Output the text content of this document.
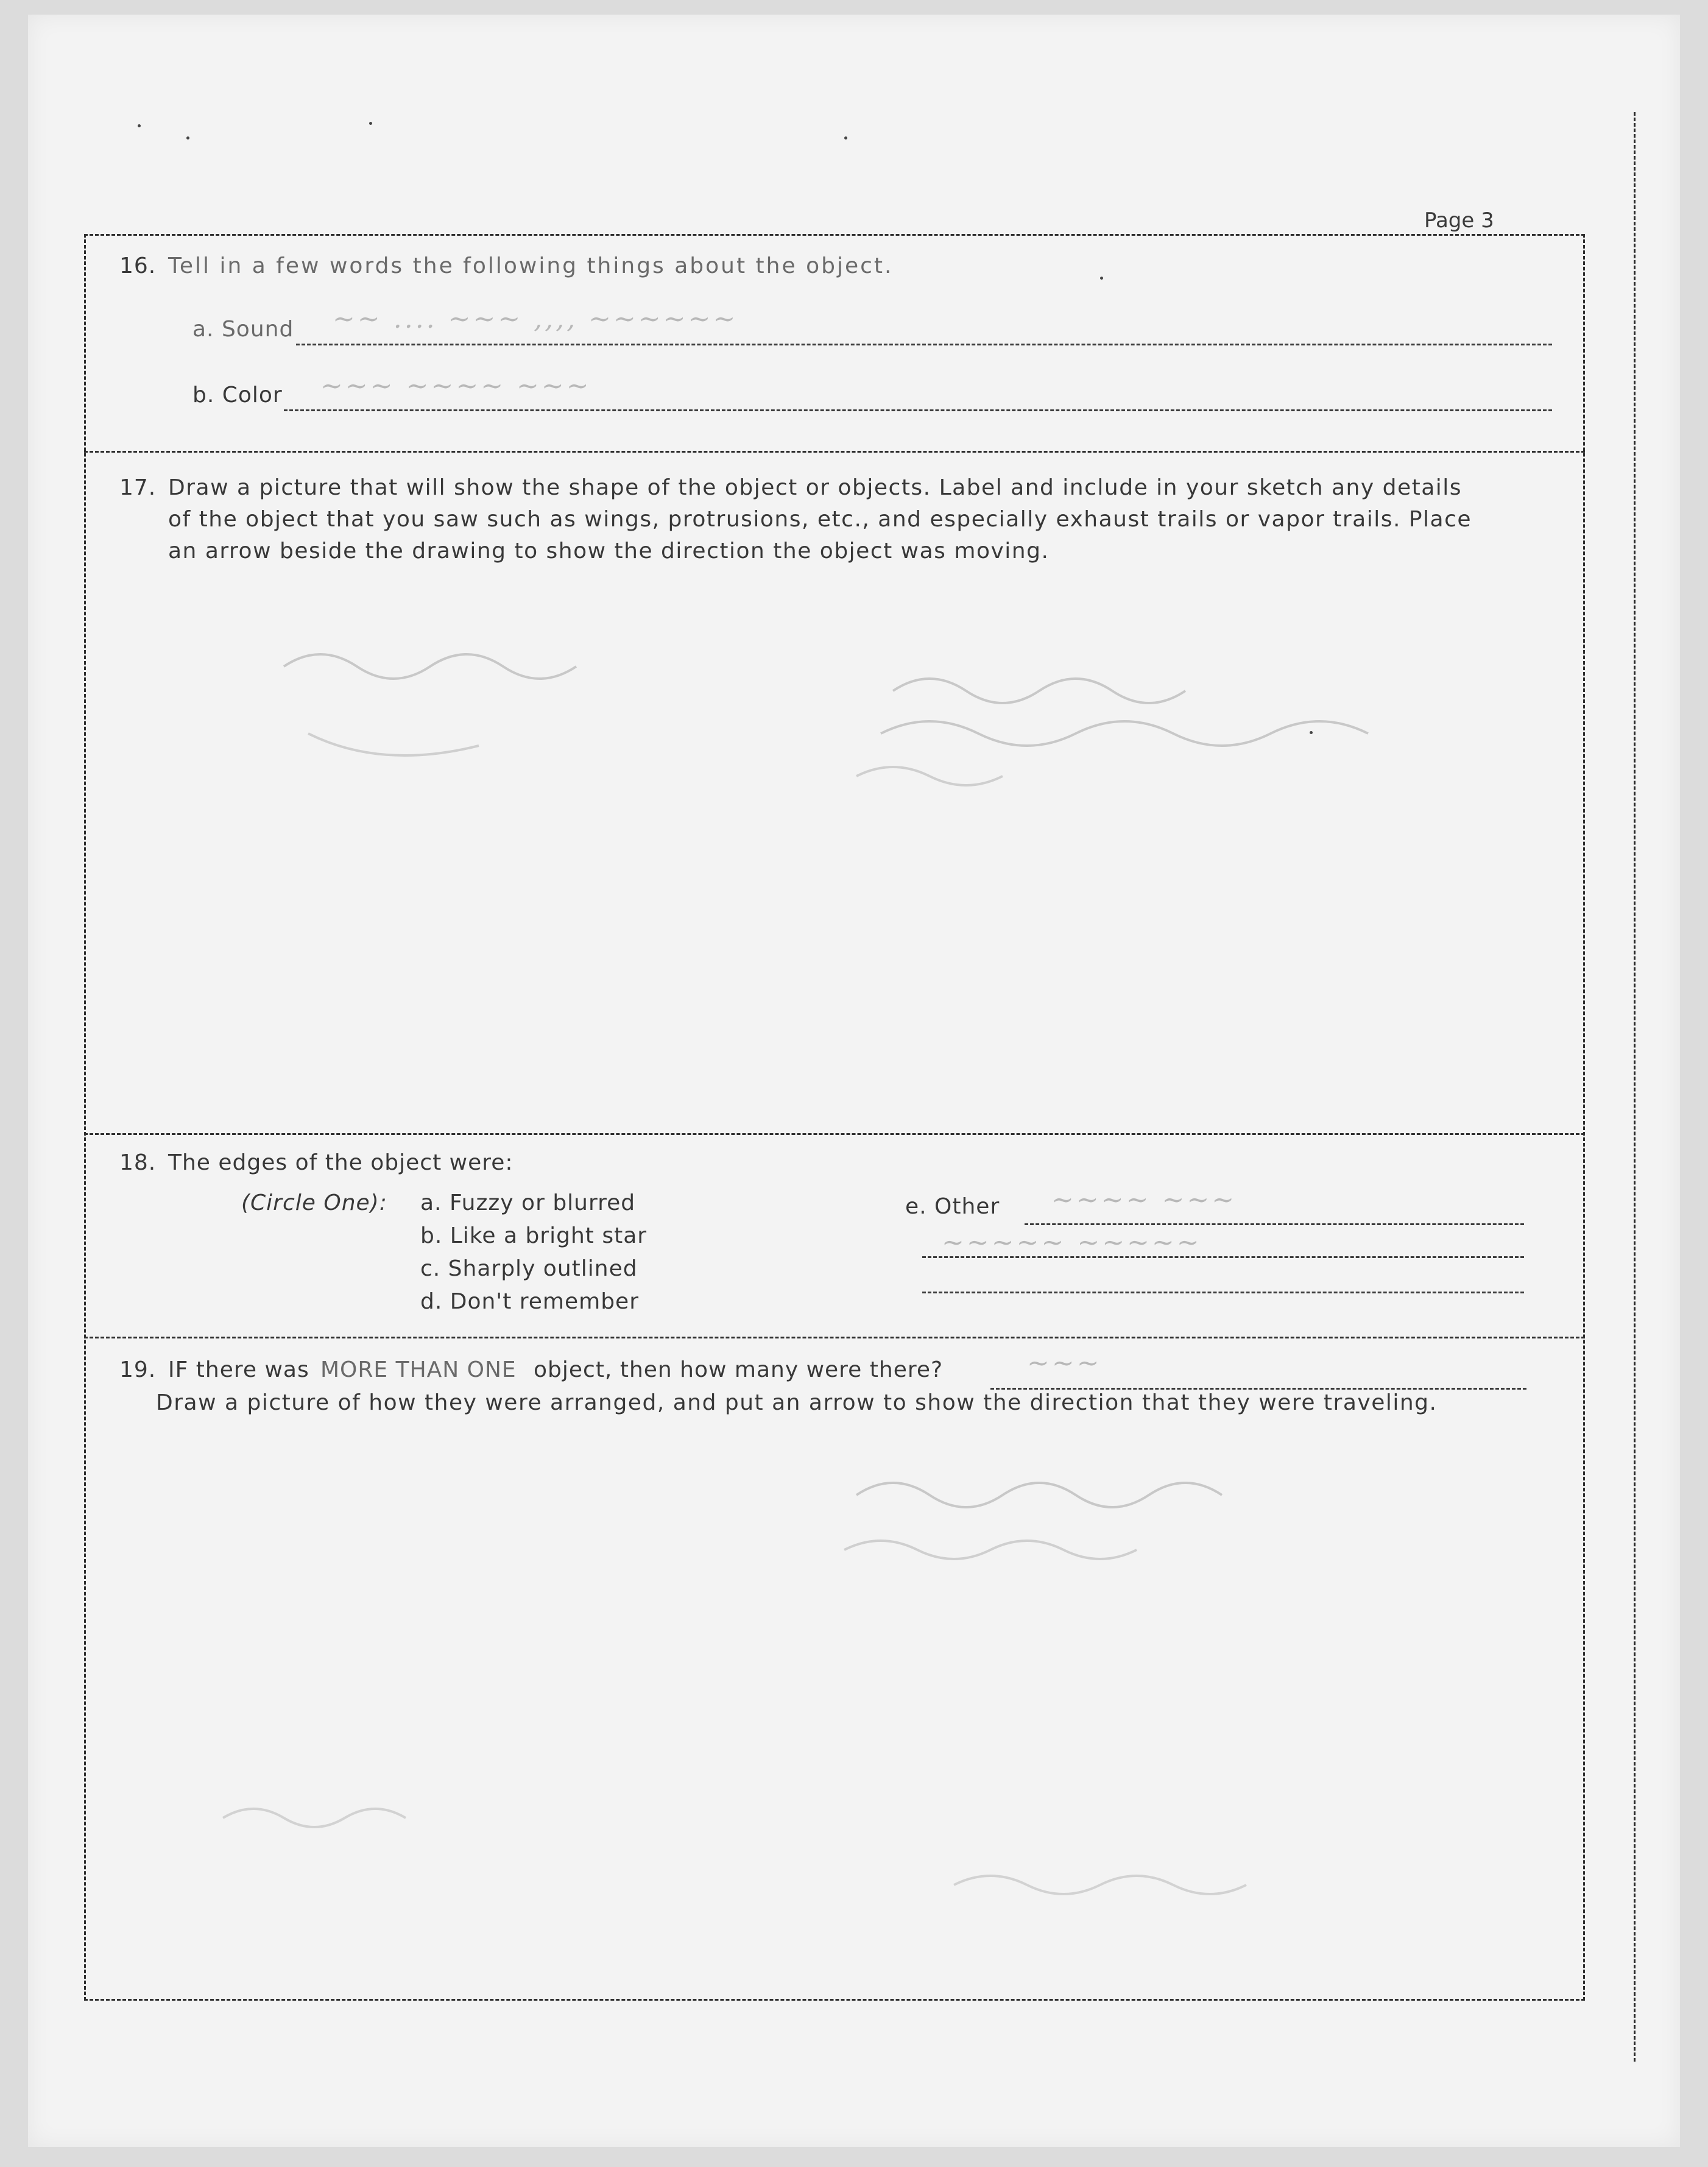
Page 3
16. Tell in a few words the following things about the object.
a. Sound ~~ .... ~~~ ,,,, ~~~~~~
b. Color ~~~ ~~~~ ~~~
17. Draw a picture that will show the shape of the object or objects. Label and include in your sketch any details
of the object that you saw such as wings, protrusions, etc., and especially exhaust trails or vapor trails. Place
an arrow beside the drawing to show the direction the object was moving.
18. The edges of the object were:
(Circle One): a. Fuzzy or blurred
b. Like a bright star
c. Sharply outlined
d. Don't remember
e. Other ~~~~ ~~~
~~~~~ ~~~~~
19. IF there was MORE THAN ONE object, then how many were there?	~~~
Draw a picture of how they were arranged, and put an arrow to show the direction that they were traveling.
